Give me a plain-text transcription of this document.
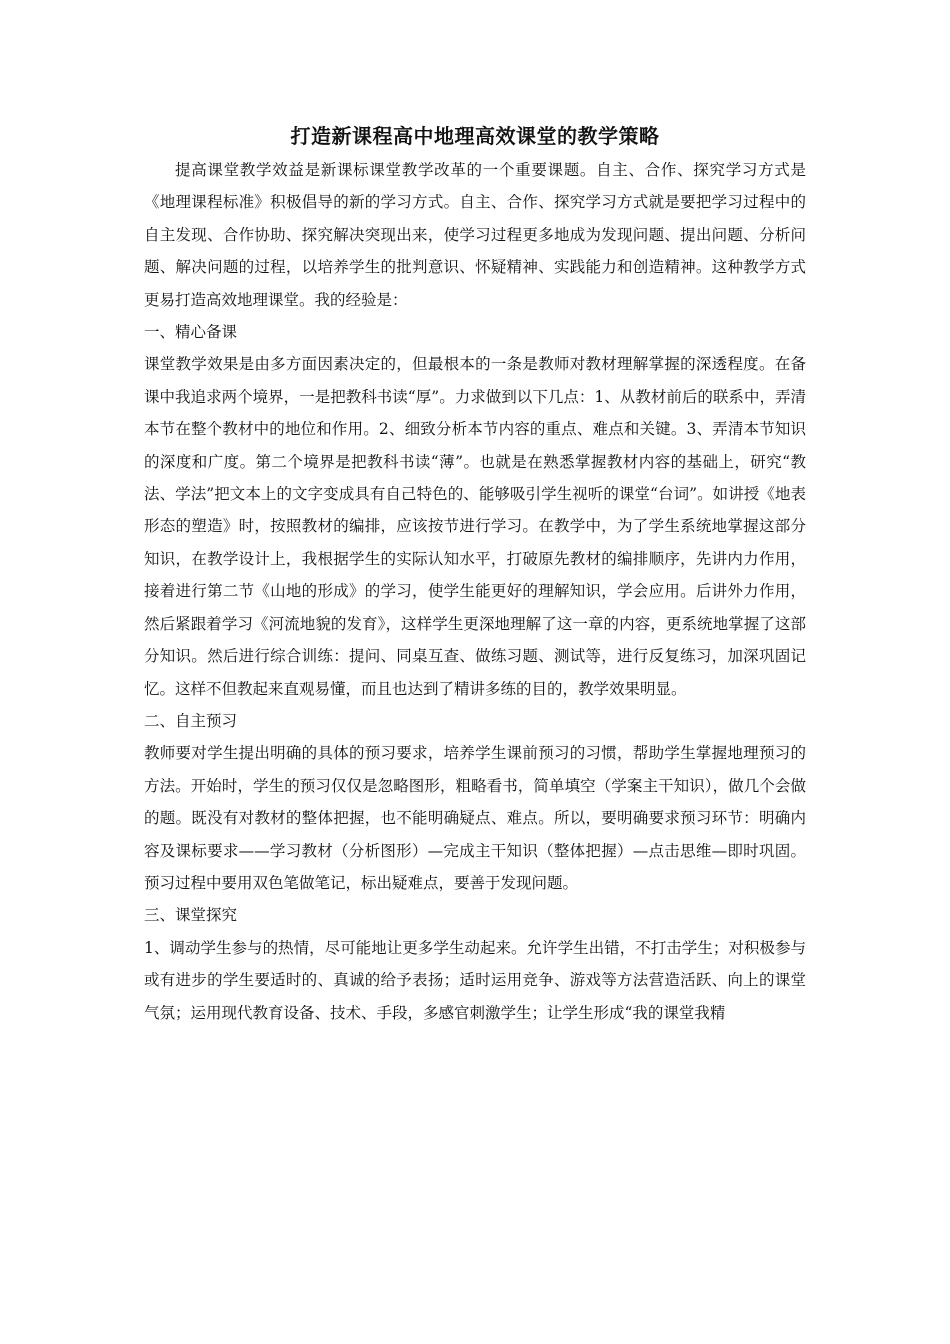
打造新课程高中地理高效课堂的教学策略

提高课堂教学效益是新课标课堂教学改革的一个重要课题。自主、合作、探究学习方式是《地理课程标准》积极倡导的新的学习方式。自主、合作、探究学习方式就是要把学习过程中的自主发现、合作协助、探究解决突现出来，使学习过程更多地成为发现问题、提出问题、分析问题、解决问题的过程，以培养学生的批判意识、怀疑精神、实践能力和创造精神。这种教学方式更易打造高效地理课堂。我的经验是：

一、精心备课

课堂教学效果是由多方面因素决定的，但最根本的一条是教师对教材理解掌握的深透程度。在备课中我追求两个境界，一是把教科书读“厚”。力求做到以下几点：1、从教材前后的联系中，弄清本节在整个教材中的地位和作用。2、细致分析本节内容的重点、难点和关键。3、弄清本节知识的深度和广度。第二个境界是把教科书读“薄”。也就是在熟悉掌握教材内容的基础上，研究“教法、学法”把文本上的文字变成具有自己特色的、能够吸引学生视听的课堂“台词”。如讲授《地表形态的塑造》时，按照教材的编排，应该按节进行学习。在教学中，为了学生系统地掌握这部分知识，在教学设计上，我根据学生的实际认知水平，打破原先教材的编排顺序，先讲内力作用，接着进行第二节《山地的形成》的学习，使学生能更好的理解知识，学会应用。后讲外力作用，然后紧跟着学习《河流地貌的发育》，这样学生更深地理解了这一章的内容，更系统地掌握了这部分知识。然后进行综合训练：提问、同桌互查、做练习题、测试等，进行反复练习，加深巩固记忆。这样不但教起来直观易懂，而且也达到了精讲多练的目的，教学效果明显。

二、自主预习

教师要对学生提出明确的具体的预习要求，培养学生课前预习的习惯，帮助学生掌握地理预习的方法。开始时，学生的预习仅仅是忽略图形，粗略看书，简单填空（学案主干知识），做几个会做的题。既没有对教材的整体把握，也不能明确疑点、难点。所以，要明确要求预习环节：明确内容及课标要求——学习教材（分析图形）—完成主干知识（整体把握）—点击思维—即时巩固。预习过程中要用双色笔做笔记，标出疑难点，要善于发现问题。

三、课堂探究

1、调动学生参与的热情，尽可能地让更多学生动起来。允许学生出错，不打击学生；对积极参与或有进步的学生要适时的、真诚的给予表扬；适时运用竞争、游戏等方法营造活跃、向上的课堂气氛；运用现代教育设备、技术、手段，多感官刺激学生；让学生形成“我的课堂我精
